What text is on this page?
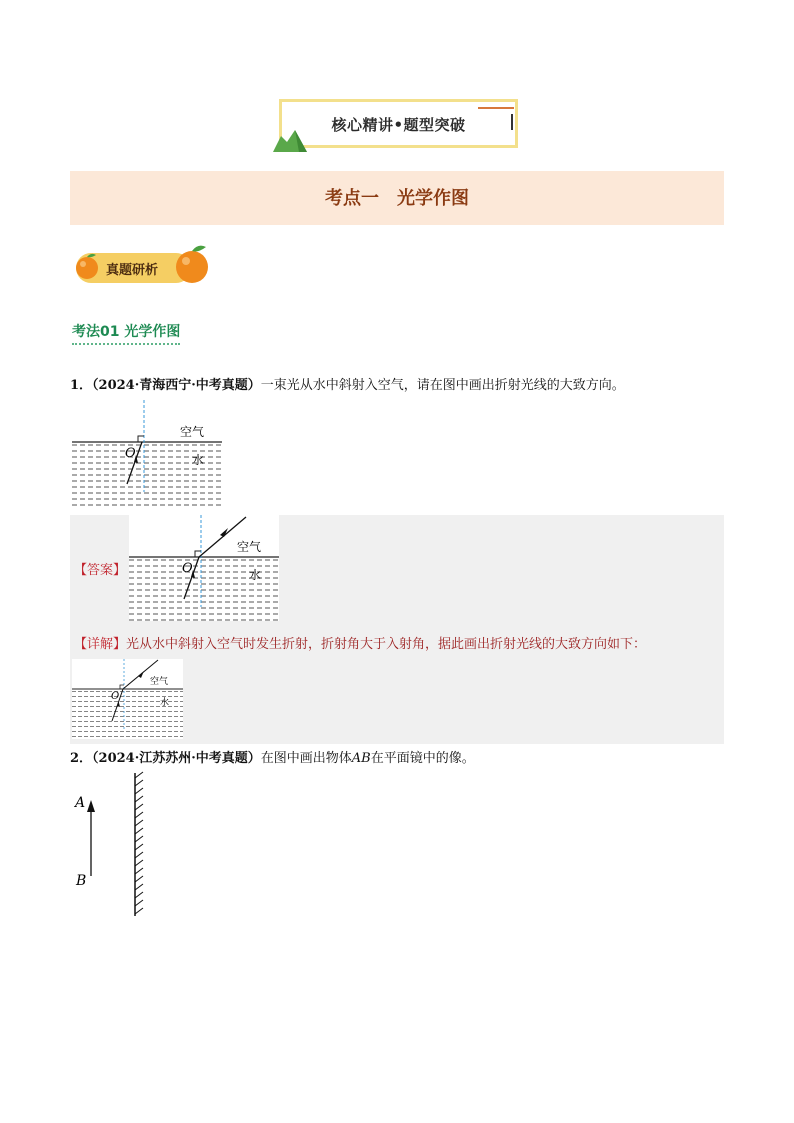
核心精讲•题型突破
考点一　光学作图
真题研析
考法01 光学作图
1．（2024·青海西宁·中考真题）一束光从水中斜射入空气，请在图中画出折射光线的大致方向。
空气
水
O
【答案】
空气
水
O
【详解】光从水中斜射入空气时发生折射，折射角大于入射角，据此画出折射光线的大致方向如下：
空气
水
O
2．（2024·江苏苏州·中考真题）在图中画出物体AB在平面镜中的像。
A
B
